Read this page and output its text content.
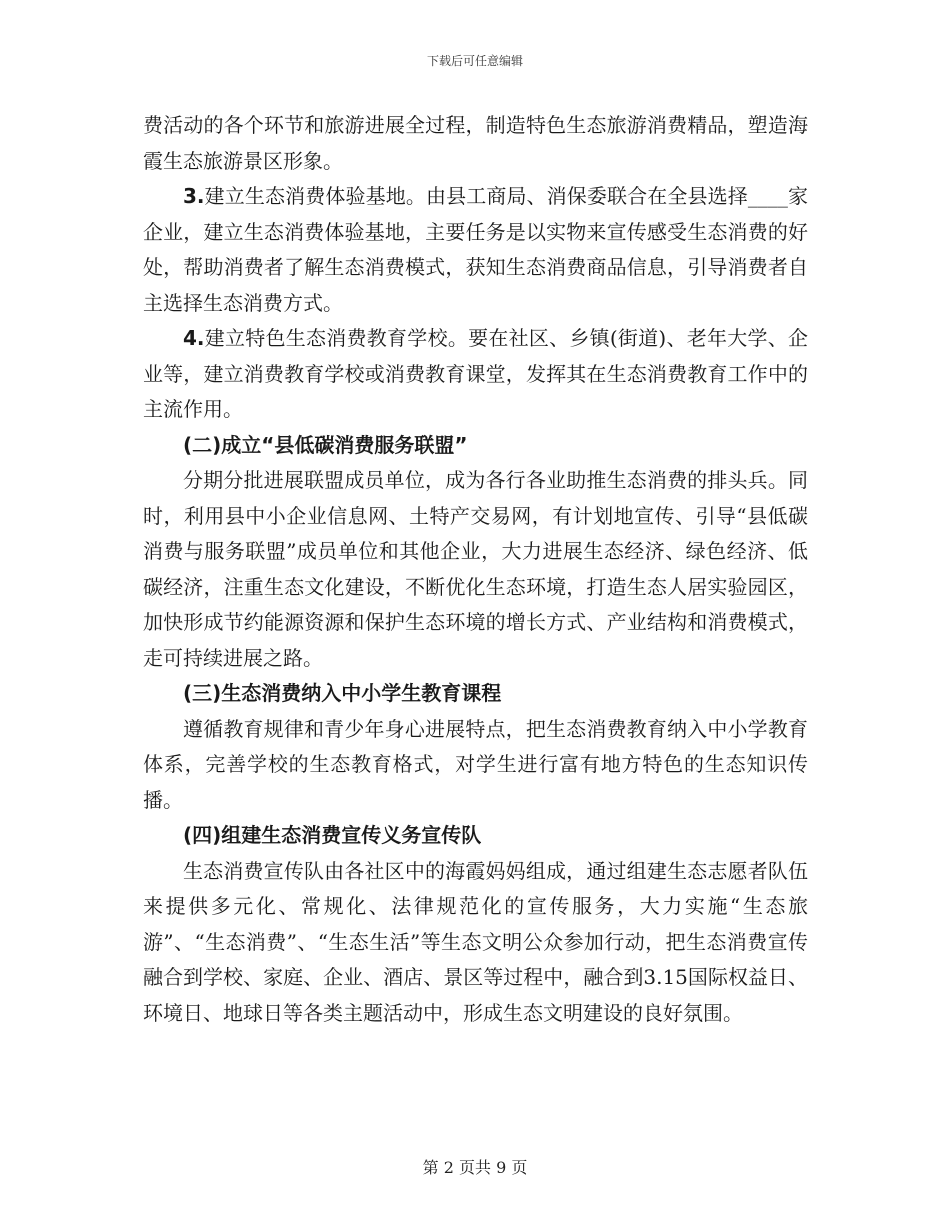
下载后可任意编辑

费活动的各个环节和旅游进展全过程，制造特色生态旅游消费精品，塑造海霞生态旅游景区形象。

3.建立生态消费体验基地。由县工商局、消保委联合在全县选择____家企业，建立生态消费体验基地，主要任务是以实物来宣传感受生态消费的好处，帮助消费者了解生态消费模式，获知生态消费商品信息，引导消费者自主选择生态消费方式。

4.建立特色生态消费教育学校。要在社区、乡镇(街道)、老年大学、企业等，建立消费教育学校或消费教育课堂，发挥其在生态消费教育工作中的主流作用。

(二)成立“县低碳消费服务联盟”

分期分批进展联盟成员单位，成为各行各业助推生态消费的排头兵。同时，利用县中小企业信息网、土特产交易网，有计划地宣传、引导“县低碳消费与服务联盟”成员单位和其他企业，大力进展生态经济、绿色经济、低碳经济，注重生态文化建设，不断优化生态环境，打造生态人居实验园区，加快形成节约能源资源和保护生态环境的增长方式、产业结构和消费模式，走可持续进展之路。

(三)生态消费纳入中小学生教育课程

遵循教育规律和青少年身心进展特点，把生态消费教育纳入中小学教育体系，完善学校的生态教育格式，对学生进行富有地方特色的生态知识传播。

(四)组建生态消费宣传义务宣传队

生态消费宣传队由各社区中的海霞妈妈组成，通过组建生态志愿者队伍来提供多元化、常规化、法律规范化的宣传服务，大力实施“生态旅游”、“生态消费”、“生态生活”等生态文明公众参加行动，把生态消费宣传融合到学校、家庭、企业、酒店、景区等过程中，融合到3.15国际权益日、环境日、地球日等各类主题活动中，形成生态文明建设的良好氛围。

第 2 页共 9 页
